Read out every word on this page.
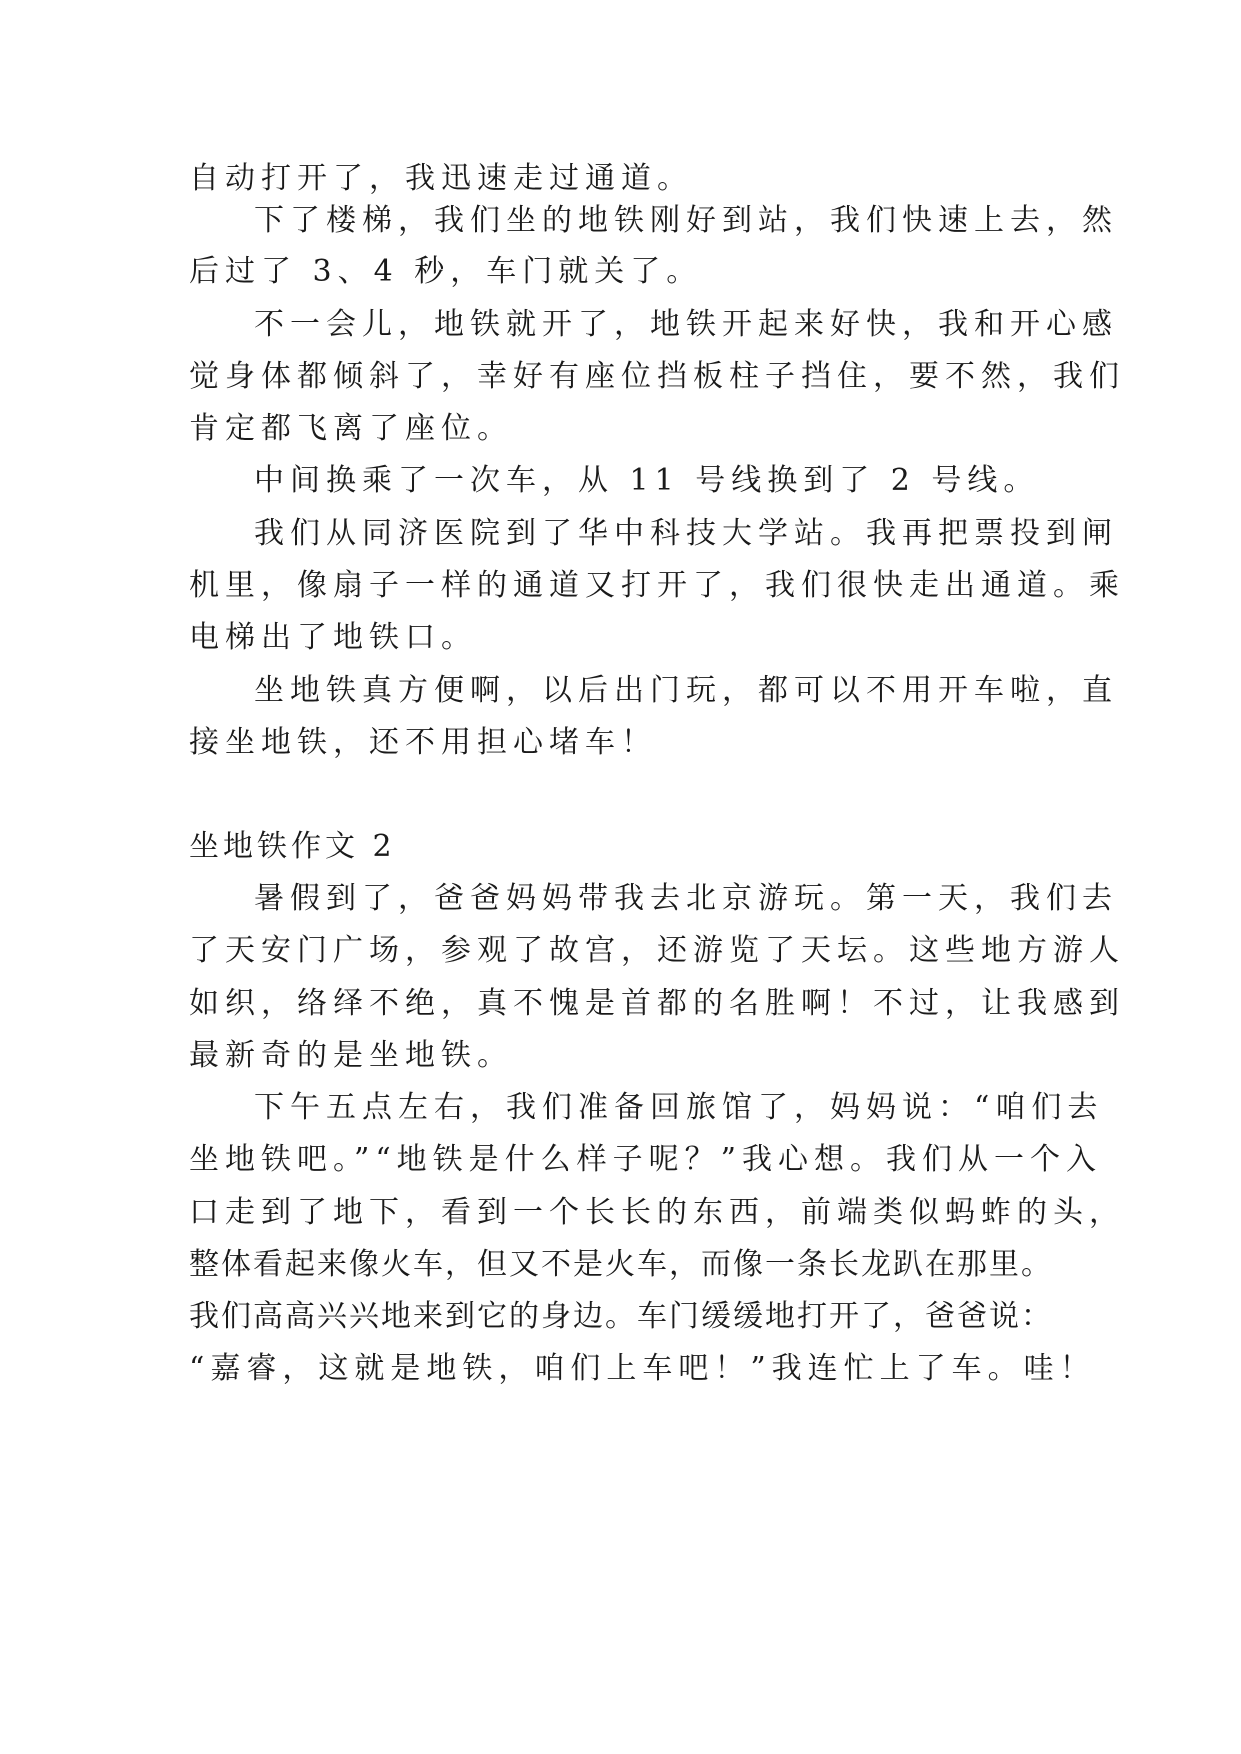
自动打开了，我迅速走过通道。
下了楼梯，我们坐的地铁刚好到站，我们快速上去，然
后过了 3、4 秒，车门就关了。
不一会儿，地铁就开了，地铁开起来好快，我和开心感
觉身体都倾斜了，幸好有座位挡板柱子挡住，要不然，我们
肯定都飞离了座位。
中间换乘了一次车，从 11 号线换到了 2 号线。
我们从同济医院到了华中科技大学站。我再把票投到闸
机里，像扇子一样的通道又打开了，我们很快走出通道。乘
电梯出了地铁口。
坐地铁真方便啊，以后出门玩，都可以不用开车啦，直
接坐地铁，还不用担心堵车！
坐地铁作文 2
暑假到了，爸爸妈妈带我去北京游玩。第一天，我们去
了天安门广场，参观了故宫，还游览了天坛。这些地方游人
如织，络绎不绝，真不愧是首都的名胜啊！不过，让我感到
最新奇的是坐地铁。
下午五点左右，我们准备回旅馆了，妈妈说：“咱们去
坐地铁吧。”“地铁是什么样子呢？”我心想。我们从一个入
口走到了地下，看到一个长长的东西，前端类似蚂蚱的头，
整体看起来像火车，但又不是火车，而像一条长龙趴在那里。
我们高高兴兴地来到它的身边。车门缓缓地打开了，爸爸说：
“嘉睿，这就是地铁，咱们上车吧！”我连忙上了车。哇！
